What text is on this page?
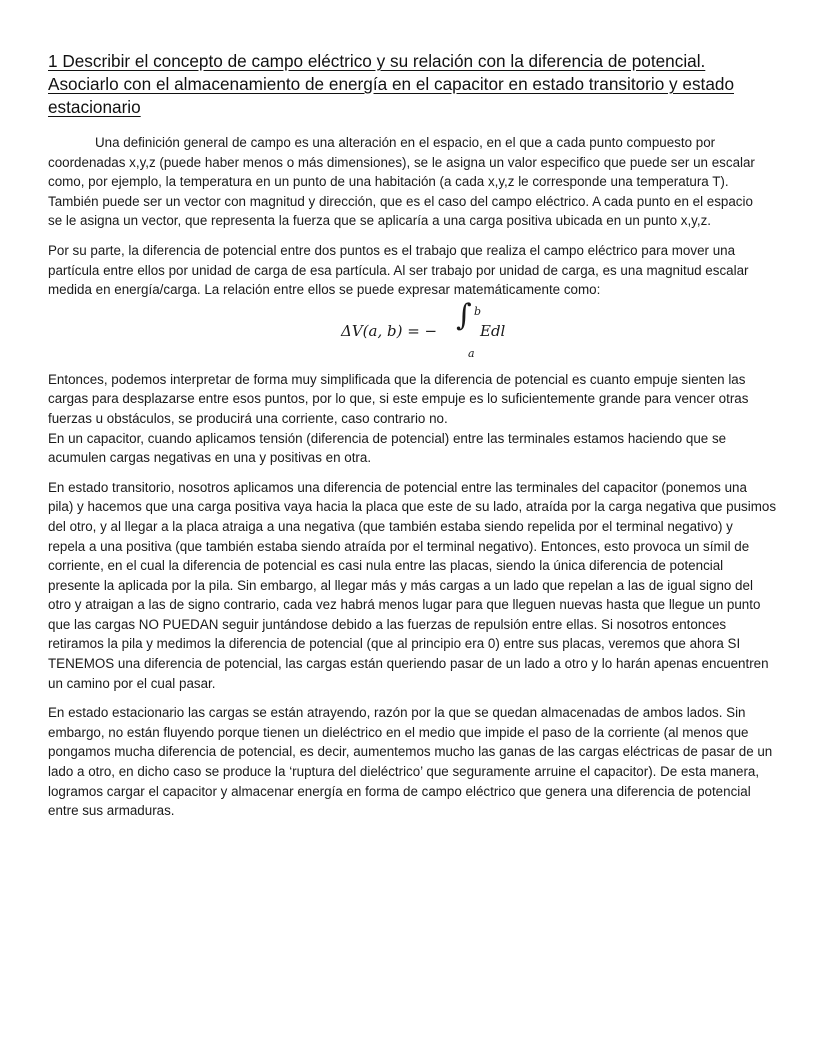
1 Describir el concepto de campo eléctrico y su relación con la diferencia de potencial.
Asociarlo con el almacenamiento de energía en el capacitor en estado transitorio y estado
estacionario
Una definición general de campo es una alteración en el espacio, en el que a cada punto compuesto por
coordenadas x,y,z (puede haber menos o más dimensiones), se le asigna un valor especifico que puede ser un escalar
como, por ejemplo, la temperatura en un punto de una habitación (a cada x,y,z le corresponde una temperatura T).
También puede ser un vector con magnitud y dirección, que es el caso del campo eléctrico. A cada punto en el espacio
se le asigna un vector, que representa la fuerza que se aplicaría a una carga positiva ubicada en un punto x,y,z.
Por su parte, la diferencia de potencial entre dos puntos es el trabajo que realiza el campo eléctrico para mover una
partícula entre ellos por unidad de carga de esa partícula. Al ser trabajo por unidad de carga, es una magnitud escalar
medida en energía/carga. La relación entre ellos se puede expresar matemáticamente como:
ΔV(a, b) = − ∫ b
a
Edl
Entonces, podemos interpretar de forma muy simplificada que la diferencia de potencial es cuanto empuje sienten las
cargas para desplazarse entre esos puntos, por lo que, si este empuje es lo suficientemente grande para vencer otras
fuerzas u obstáculos, se producirá una corriente, caso contrario no.
En un capacitor, cuando aplicamos tensión (diferencia de potencial) entre las terminales estamos haciendo que se
acumulen cargas negativas en una y positivas en otra.
En estado transitorio, nosotros aplicamos una diferencia de potencial entre las terminales del capacitor (ponemos una
pila) y hacemos que una carga positiva vaya hacia la placa que este de su lado, atraída por la carga negativa que pusimos
del otro, y al llegar a la placa atraiga a una negativa (que también estaba siendo repelida por el terminal negativo) y
repela a una positiva (que también estaba siendo atraída por el terminal negativo). Entonces, esto provoca un símil de
corriente, en el cual la diferencia de potencial es casi nula entre las placas, siendo la única diferencia de potencial
presente la aplicada por la pila. Sin embargo, al llegar más y más cargas a un lado que repelan a las de igual signo del
otro y atraigan a las de signo contrario, cada vez habrá menos lugar para que lleguen nuevas hasta que llegue un punto
que las cargas NO PUEDAN seguir juntándose debido a las fuerzas de repulsión entre ellas. Si nosotros entonces
retiramos la pila y medimos la diferencia de potencial (que al principio era 0) entre sus placas, veremos que ahora SI
TENEMOS una diferencia de potencial, las cargas están queriendo pasar de un lado a otro y lo harán apenas encuentren
un camino por el cual pasar.
En estado estacionario las cargas se están atrayendo, razón por la que se quedan almacenadas de ambos lados. Sin
embargo, no están fluyendo porque tienen un dieléctrico en el medio que impide el paso de la corriente (al menos que
pongamos mucha diferencia de potencial, es decir, aumentemos mucho las ganas de las cargas eléctricas de pasar de un
lado a otro, en dicho caso se produce la ‘ruptura del dieléctrico’ que seguramente arruine el capacitor). De esta manera,
logramos cargar el capacitor y almacenar energía en forma de campo eléctrico que genera una diferencia de potencial
entre sus armaduras.
